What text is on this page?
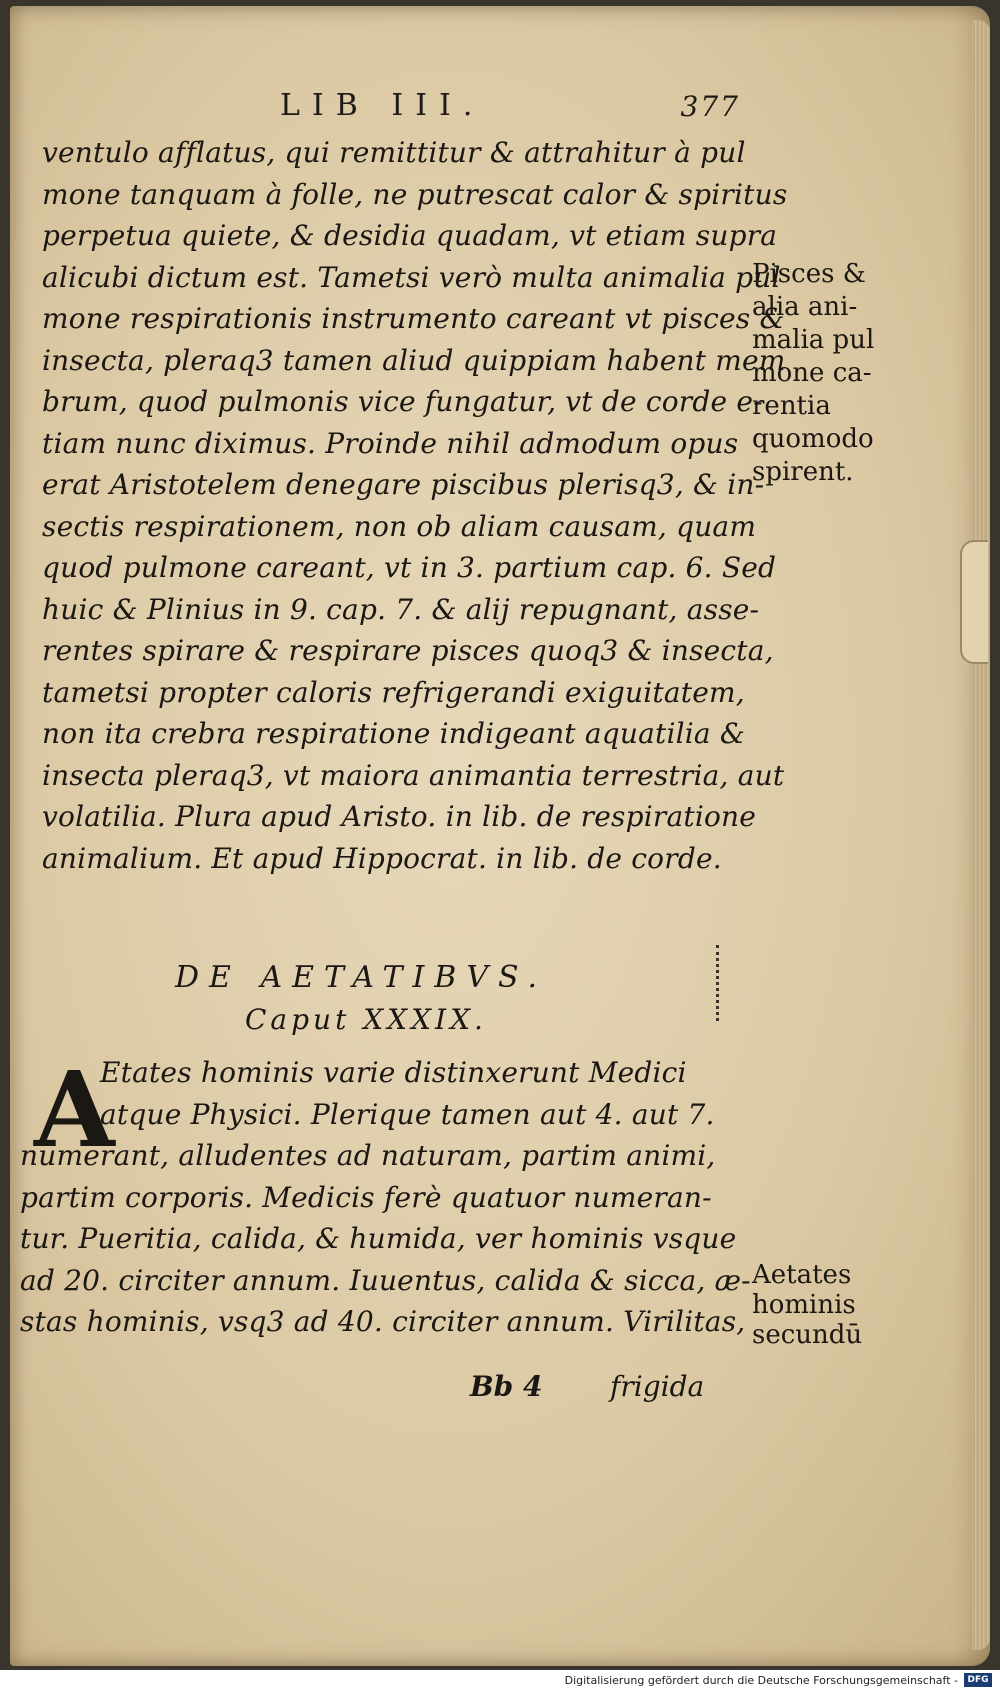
LIB III.	377
ventulo afflatus, qui remittitur & attrahitur à pul
mone tanquam à folle, ne putrescat calor & spiritus
perpetua quiete, & desidia quadam, vt etiam supra
alicubi dictum est. Tametsi verò multa animalia pul
mone respirationis instrumento careant vt pisces &
insecta, pleraq3 tamen aliud quippiam habent mem
brum, quod pulmonis vice fungatur, vt de corde e-
tiam nunc diximus. Proinde nihil admodum opus
erat Aristotelem denegare piscibus plerisq3, & in-
sectis respirationem, non ob aliam causam, quam
quod pulmone careant, vt in 3. partium cap. 6. Sed
huic & Plinius in 9. cap. 7. & alij repugnant, asse-
rentes spirare & respirare pisces quoq3 & insecta,
tametsi propter caloris refrigerandi exiguitatem,
non ita crebra respiratione indigeant aquatilia &
insecta pleraq3, vt maiora animantia terrestria, aut
volatilia. Plura apud Aristo. in lib. de respiratione
animalium. Et apud Hippocrat. in lib. de corde.
Pisces &
alia ani-
malia pul
mone ca-
rentia
quomodo
spirent.
DE AETATIBVS.
Caput XXXIX.
A
Etates hominis varie distinxerunt Medici
atque Physici. Plerique tamen aut 4. aut 7.
numerant, alludentes ad naturam, partim animi,
partim corporis. Medicis ferè quatuor numeran-
tur. Pueritia, calida, & humida, ver hominis vsque
ad 20. circiter annum. Iuuentus, calida & sicca, æ-
stas hominis, vsq3 ad 40. circiter annum. Virilitas,
Aetates
hominis
secundū
Bb 4 frigida
Digitalisierung gefördert durch die Deutsche Forschungsgemeinschaft -	DFG
